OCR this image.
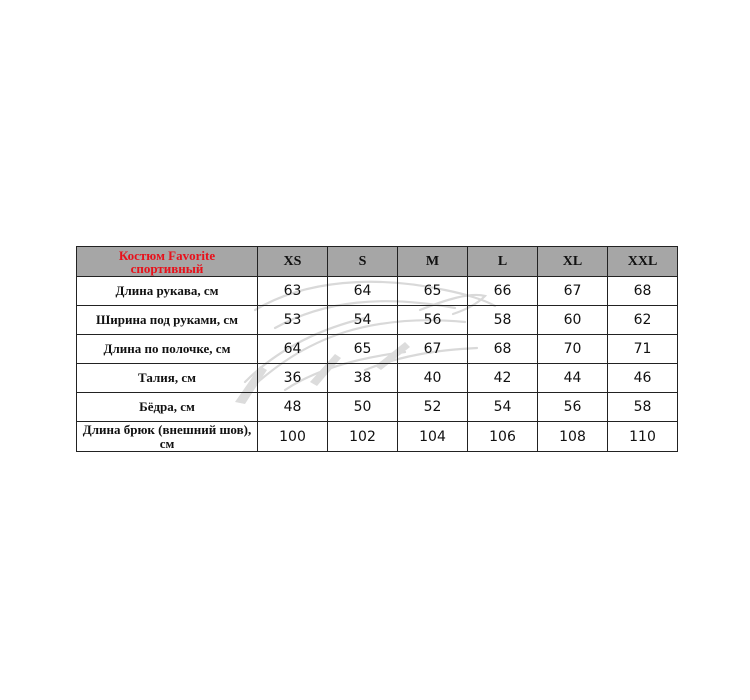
Костюм Favorite спортивный	XS	S	M	L	XL	XXL
Длина рукава, см	63	64	65	66	67	68
Ширина под руками, см	53	54	56	58	60	62
Длина по полочке, см	64	65	67	68	70	71
Талия, см	36	38	40	42	44	46
Бёдра, см	48	50	52	54	56	58
Длина брюк (внешний шов), см	100	102	104	106	108	110
